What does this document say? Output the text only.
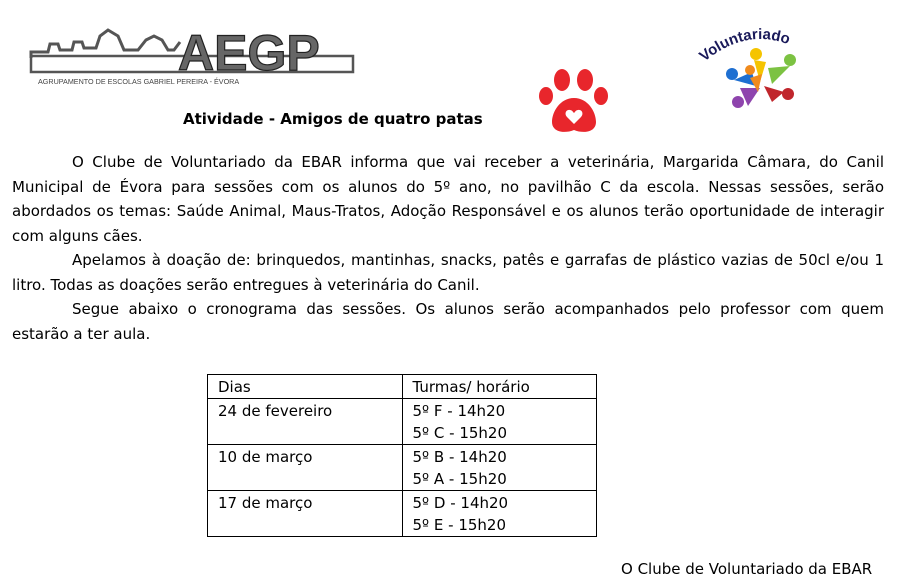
AEGP
AGRUPAMENTO DE ESCOLAS GABRIEL PEREIRA - ÉVORA
Voluntariado
Atividade - Amigos de quatro patas

O Clube de Voluntariado da EBAR informa que vai receber a veterinária, Margarida Câmara, do Canil Municipal de Évora para sessões com os alunos do 5º ano, no pavilhão C da escola. Nessas sessões, serão abordados os temas: Saúde Animal, Maus-Tratos, Adoção Responsável e os alunos terão oportunidade de interagir com alguns cães.

Apelamos à doação de: brinquedos, mantinhas, snacks, patês e garrafas de plástico vazias de 50cl e/ou 1 litro. Todas as doações serão entregues à veterinária do Canil.

Segue abaixo o cronograma das sessões. Os alunos serão acompanhados pelo professor com quem estarão a ter aula.

Dias	Turmas/ horário
24 de fevereiro	5º F - 14h20
5º C - 15h20

10 de março	5º B - 14h20
5º A - 15h20

17 de março	5º D - 14h20
5º E - 15h20
O Clube de Voluntariado da EBAR
